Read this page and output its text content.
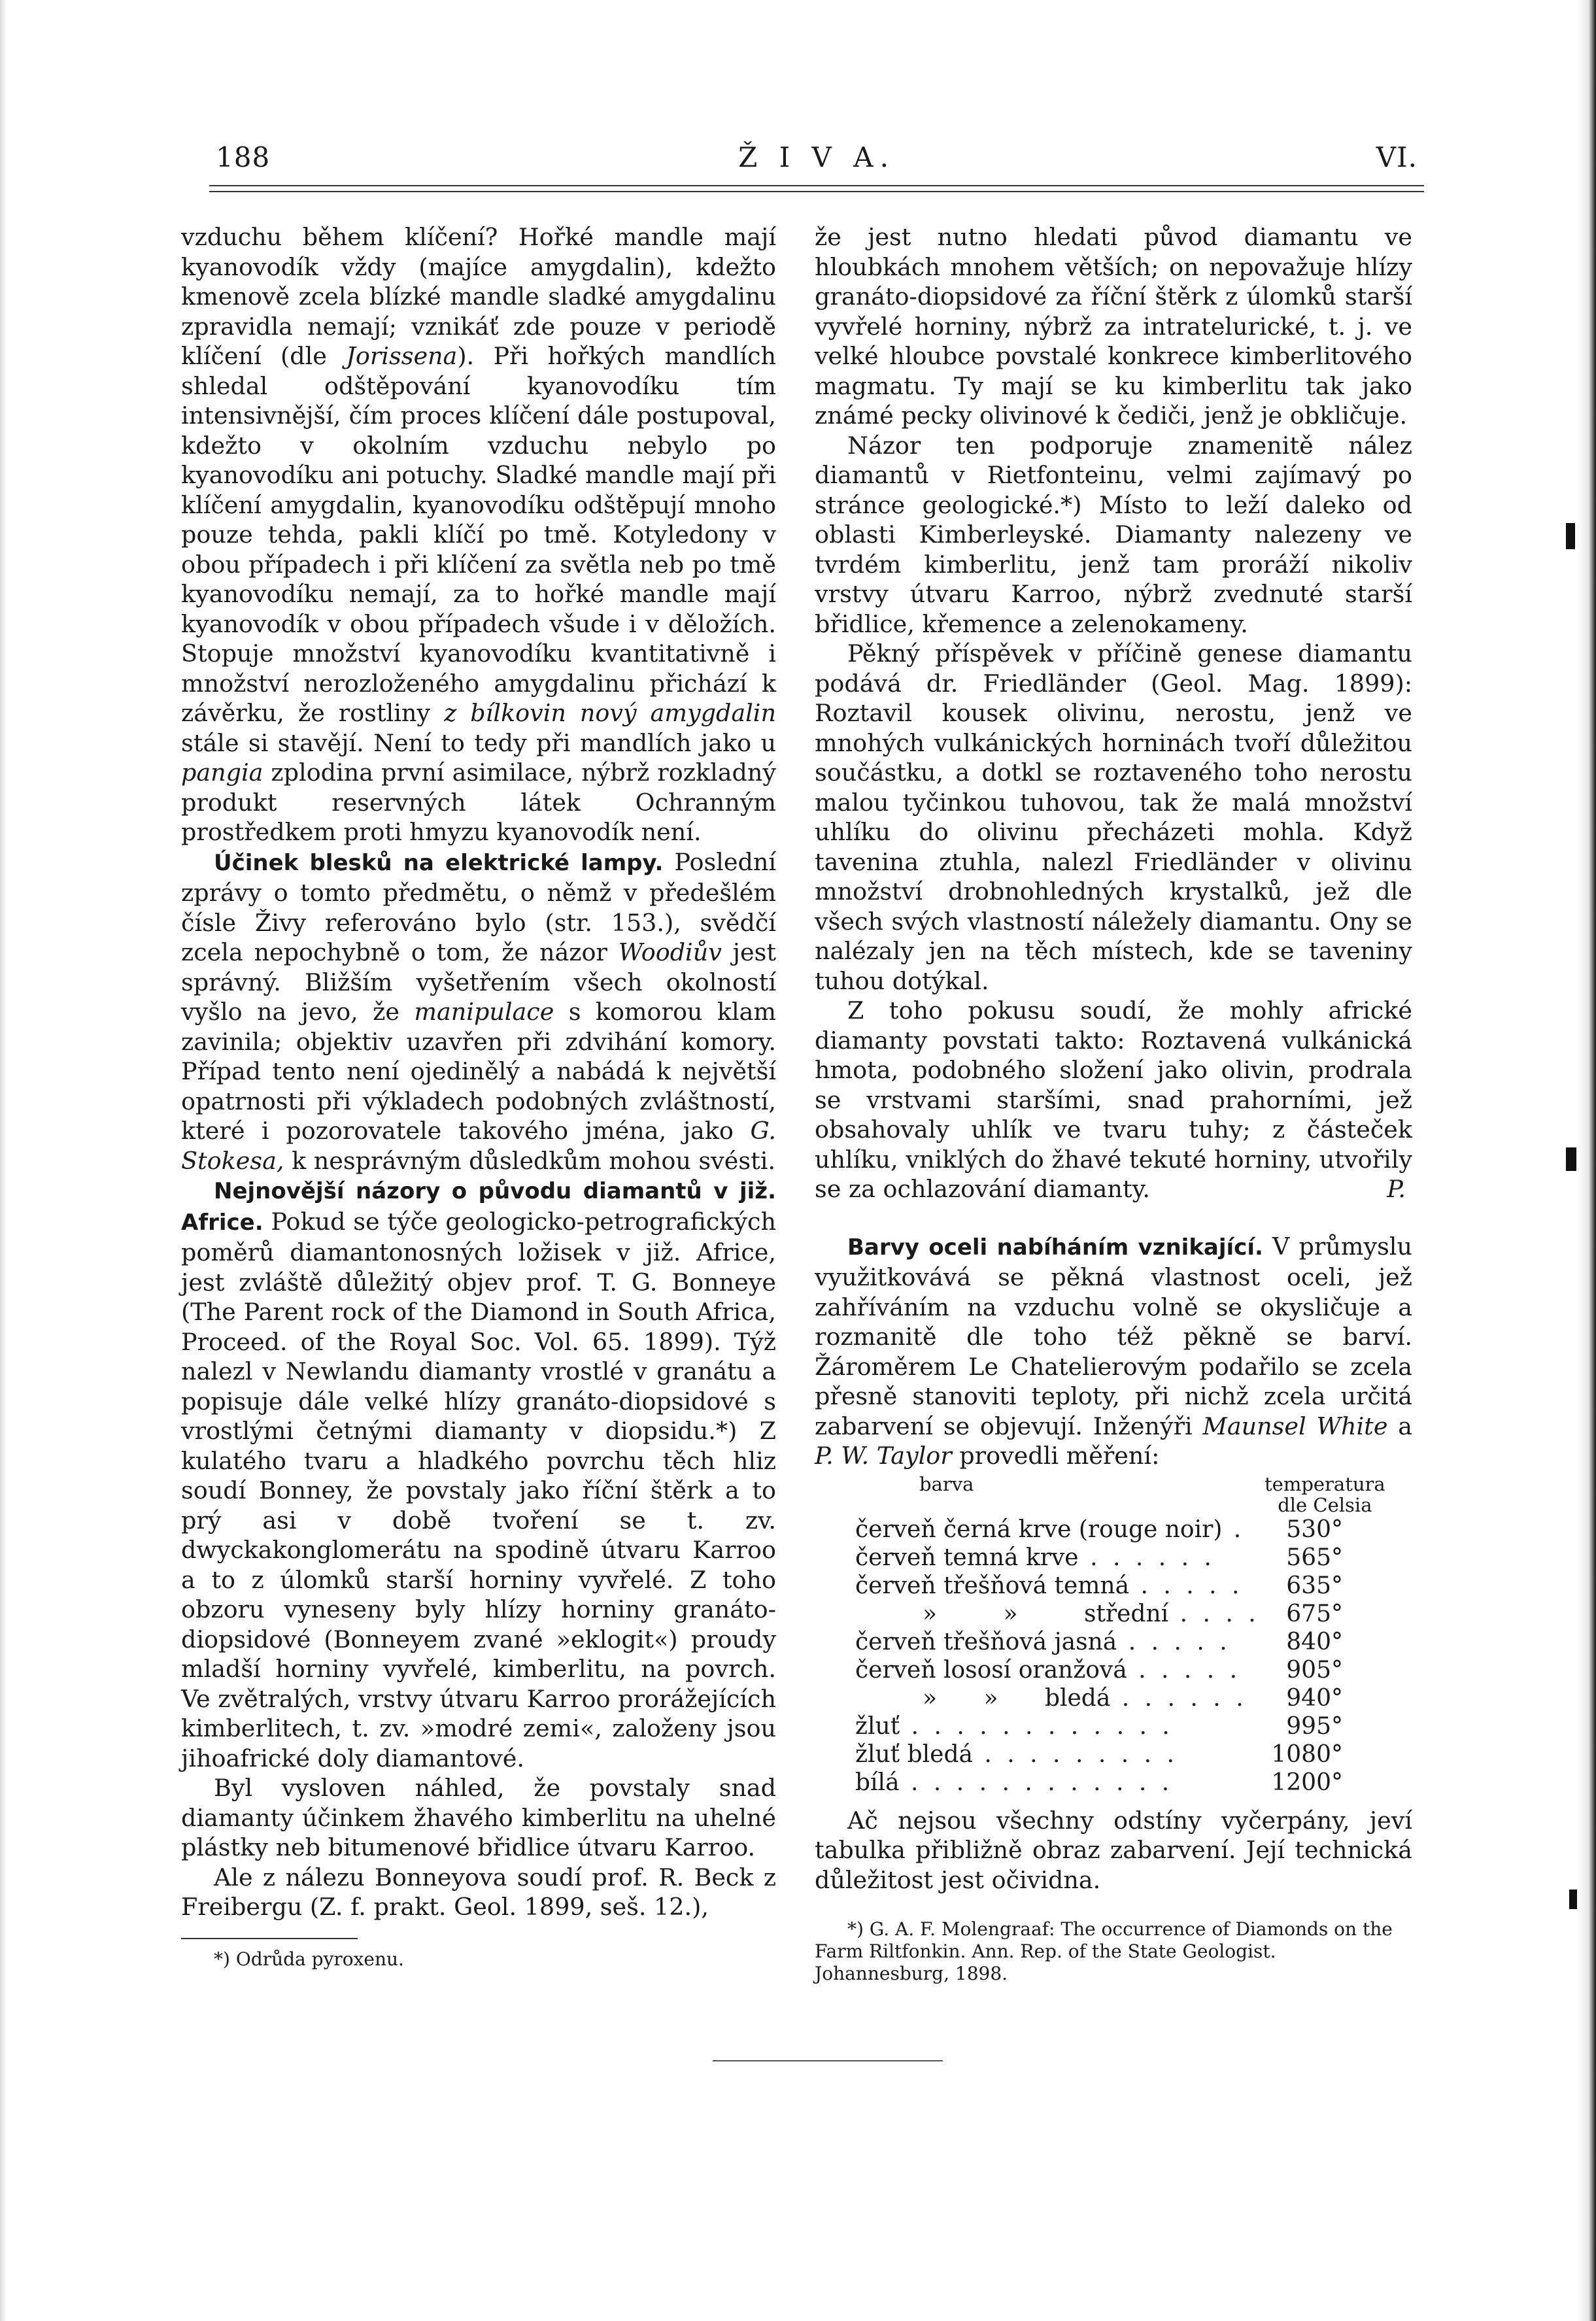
188	Ž I V A.	VI.

vzduchu během klíčení? Hořké mandle mají kyanovodík vždy (majíce amygdalin), kdežto kmenově zcela blízké mandle sladké amygdalinu zpravidla nemají; vznikáť zde pouze v periodě klíčení (dle Jorissena). Při hořkých mandlích shledal odštěpování kyanovodíku tím intensivnější, čím proces klíčení dále postupoval, kdežto v okolním vzduchu nebylo po kyanovodíku ani potuchy. Sladké mandle mají při klíčení amygdalin, kyanovodíku odštěpují mnoho pouze tehda, pakli klíčí po tmě. Kotyledony v obou případech i při klíčení za světla neb po tmě kyanovodíku nemají, za to hořké mandle mají kyanovodík v obou případech všude i v děložích. Stopuje množství kyanovodíku kvantitativně i množství nerozloženého amygdalinu přichází k závěrku, že rostliny z bílkovin nový amygdalin stále si stavějí. Není to tedy při mandlích jako u pangia zplodina první asimilace, nýbrž rozkladný produkt reservných látek Ochranným prostředkem proti hmyzu kyanovodík není.

Účinek blesků na elektrické lampy. Poslední zprávy o tomto předmětu, o němž v předešlém čísle Živy referováno bylo (str. 153.), svědčí zcela nepochybně o tom, že názor Woodiův jest správný. Bližším vyšetřením všech okolností vyšlo na jevo, že manipulace s komorou klam zavinila; objektiv uzavřen při zdvihání komory. Případ tento není ojedinělý a nabádá k největší opatrnosti při výkladech podobných zvláštností, které i pozorovatele takového jména, jako G. Stokesa, k nesprávným důsledkům mohou svésti.

Nejnovější názory o původu diamantů v již. Africe. Pokud se týče geologicko-petrografických poměrů diamantonosných ložisek v již. Africe, jest zvláště důležitý objev prof. T. G. Bonneye (The Parent rock of the Diamond in South Africa, Proceed. of the Royal Soc. Vol. 65. 1899). Týž nalezl v Newlandu diamanty vrostlé v granátu a popisuje dále velké hlízy granáto-diopsidové s vrostlými četnými diamanty v diopsidu.*) Z kulatého tvaru a hladkého povrchu těch hliz soudí Bonney, že povstaly jako říční štěrk a to prý asi v době tvoření se t. zv. dwyckakonglomerátu na spodině útvaru Karroo a to z úlomků starší horniny vyvřelé. Z toho obzoru vyneseny byly hlízy horniny granáto-diopsidové (Bonneyem zvané »eklogit«) proudy mladší horniny vyvřelé, kimberlitu, na povrch. Ve zvětralých, vrstvy útvaru Karroo prorážejících kimberlitech, t. zv. »modré zemi«, založeny jsou jihoafrické doly diamantové.

Byl vysloven náhled, že povstaly snad diamanty účinkem žhavého kimberlitu na uhelné plástky neb bitumenové břidlice útvaru Karroo.

Ale z nálezu Bonneyova soudí prof. R. Beck z Freibergu (Z. f. prakt. Geol. 1899, seš. 12.),

*) Odrůda pyroxenu.

že jest nutno hledati původ diamantu ve hloubkách mnohem větších; on nepovažuje hlízy granáto-diopsidové za říční štěrk z úlomků starší vyvřelé horniny, nýbrž za intratelurické, t. j. ve velké hloubce povstalé konkrece kimberlitového magmatu. Ty mají se ku kimberlitu tak jako známé pecky olivinové k čediči, jenž je obkličuje.

Názor ten podporuje znamenitě nález diamantů v Rietfonteinu, velmi zajímavý po stránce geologické.*) Místo to leží daleko od oblasti Kimberleyské. Diamanty nalezeny ve tvrdém kimberlitu, jenž tam proráží nikoliv vrstvy útvaru Karroo, nýbrž zvednuté starší břidlice, křemence a zelenokameny.

Pěkný příspěvek v příčině genese diamantu podává dr. Friedländer (Geol. Mag. 1899): Roztavil kousek olivinu, nerostu, jenž ve mnohých vulkánických horninách tvoří důležitou součástku, a dotkl se roztaveného toho nerostu malou tyčinkou tuhovou, tak že malá množství uhlíku do olivinu přecházeti mohla. Když tavenina ztuhla, nalezl Friedländer v olivinu množství drobnohledných krystalků, jež dle všech svých vlastností náležely diamantu. Ony se nalézaly jen na těch místech, kde se taveniny tuhou dotýkal.

Z toho pokusu soudí, že mohly africké diamanty povstati takto: Roztavená vulkánická hmota, podobného složení jako olivin, prodrala se vrstvami staršími, snad prahorními, jež obsahovaly uhlík ve tvaru tuhy; z částeček uhlíku, vniklých do žhavé tekuté horniny, utvořily se za ochlazování diamanty.	P.

Barvy oceli nabíháním vznikající. V průmyslu využitkovává se pěkná vlastnost oceli, jež zahříváním na vzduchu volně se okysličuje a rozmanitě dle toho též pěkně se barví. Žároměrem Le Chatelierovým podařilo se zcela přesně stanoviti teploty, při nichž zcela určitá zabarvení se objevují. Inženýři Maunsel White a P. W. Taylor provedli měření:

barva	temperatura dle Celsia
červeň černá krve (rouge noir) .	530°
červeň temná krve . . . . . .	565°
červeň třešňová temná . . . . .	635°
» » střední . . . .	675°
červeň třešňová jasná . . . . .	840°
červeň lososí oranžová . . . . .	905°
» » bledá . . . . . .	940°
žluť . . . . . . . . . . . .	995°
žluť bledá . . . . . . . . .	1080°
bílá . . . . . . . . . . . .	1200°

Ač nejsou všechny odstíny vyčerpány, jeví tabulka přibližně obraz zabarvení. Její technická důležitost jest očividna.

*) G. A. F. Molengraaf: The occurrence of Diamonds on the Farm Riltfonkin. Ann. Rep. of the State Geologist. Johannesburg, 1898.
